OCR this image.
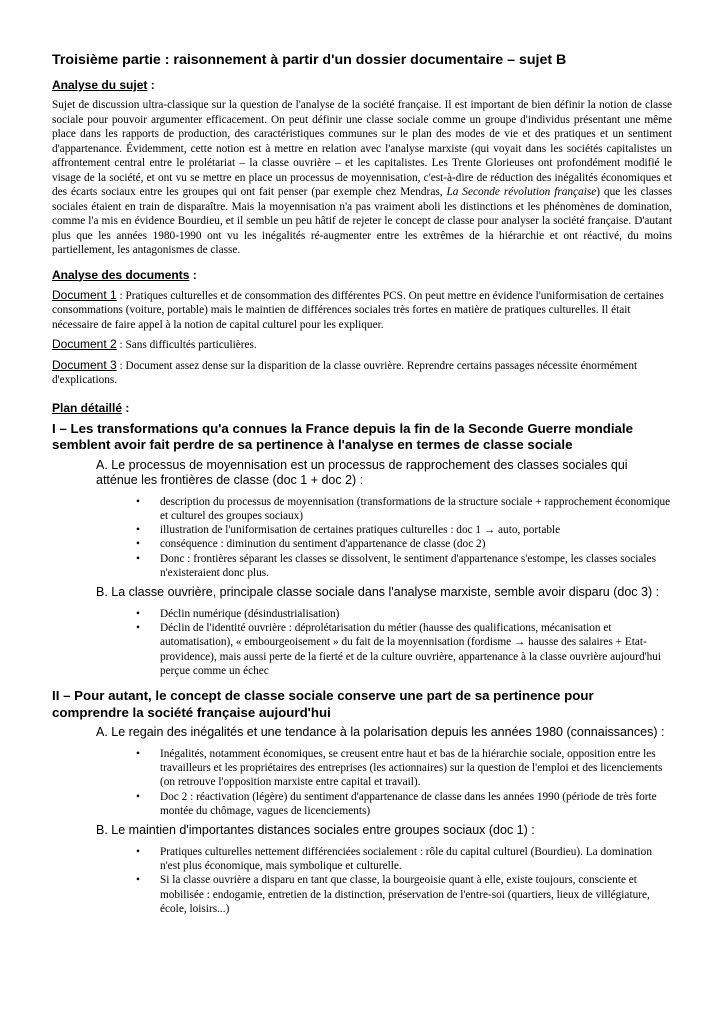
Troisième partie : raisonnement à partir d'un dossier documentaire – sujet B
Analyse du sujet :

Sujet de discussion ultra-classique sur la question de l'analyse de la société française. Il est important de bien définir la notion de classe sociale pour pouvoir argumenter efficacement. On peut définir une classe sociale comme un groupe d'individus présentant une même place dans les rapports de production, des caractéristiques communes sur le plan des modes de vie et des pratiques et un sentiment d'appartenance. Évidemment, cette notion est à mettre en relation avec l'analyse marxiste (qui voyait dans les sociétés capitalistes un affrontement central entre le prolétariat – la classe ouvrière – et les capitalistes. Les Trente Glorieuses ont profondément modifié le visage de la société, et ont vu se mettre en place un processus de moyennisation, c'est-à-dire de réduction des inégalités économiques et des écarts sociaux entre les groupes qui ont fait penser (par exemple chez Mendras, La Seconde révolution française) que les classes sociales étaient en train de disparaître. Mais la moyennisation n'a pas vraiment aboli les distinctions et les phénomènes de domination, comme l'a mis en évidence Bourdieu, et il semble un peu hâtif de rejeter le concept de classe pour analyser la société française. D'autant plus que les années 1980-1990 ont vu les inégalités ré-augmenter entre les extrêmes de la hiérarchie et ont réactivé, du moins partiellement, les antagonismes de classe.

Analyse des documents :

Document 1 : Pratiques culturelles et de consommation des différentes PCS. On peut mettre en évidence l'uniformisation de certaines consommations (voiture, portable) mais le maintien de différences sociales très fortes en matière de pratiques culturelles. Il était nécessaire de faire appel à la notion de capital culturel pour les expliquer.

Document 2 : Sans difficultés particulières.

Document 3 : Document assez dense sur la disparition de la classe ouvrière. Reprendre certains passages nécessite énormément d'explications.

Plan détaillé :
I – Les transformations qu'a connues la France depuis la fin de la Seconde Guerre mondiale semblent avoir fait perdre de sa pertinence à l'analyse en termes de classe sociale
A. Le processus de moyennisation est un processus de rapprochement des classes sociales qui atténue les frontières de classe (doc 1 + doc 2) :
• description du processus de moyennisation (transformations de la structure sociale + rapprochement économique et culturel des groupes sociaux)
• illustration de l'uniformisation de certaines pratiques culturelles : doc 1 → auto, portable
• conséquence : diminution du sentiment d'appartenance de classe (doc 2)
• Donc : frontières séparant les classes se dissolvent, le sentiment d'appartenance s'estompe, les classes sociales n'existeraient donc plus.
B. La classe ouvrière, principale classe sociale dans l'analyse marxiste, semble avoir disparu (doc 3) :
• Déclin numérique (désindustrialisation)
• Déclin de l'identité ouvrière : déprolétarisation du métier (hausse des qualifications, mécanisation et automatisation), « embourgeoisement » du fait de la moyennisation (fordisme → hausse des salaires + Etat-providence), mais aussi perte de la fierté et de la culture ouvrière, appartenance à la classe ouvrière aujourd'hui perçue comme un échec
II – Pour autant, le concept de classe sociale conserve une part de sa pertinence pour comprendre la société française aujourd'hui
A. Le regain des inégalités et une tendance à la polarisation depuis les années 1980 (connaissances) :
• Inégalités, notamment économiques, se creusent entre haut et bas de la hiérarchie sociale, opposition entre les travailleurs et les propriétaires des entreprises (les actionnaires) sur la question de l'emploi et des licenciements (on retrouve l'opposition marxiste entre capital et travail).
• Doc 2 : réactivation (légère) du sentiment d'appartenance de classe dans les années 1990 (période de très forte montée du chômage, vagues de licenciements)
B. Le maintien d'importantes distances sociales entre groupes sociaux (doc 1) :
• Pratiques culturelles nettement différenciées socialement : rôle du capital culturel (Bourdieu). La domination n'est plus économique, mais symbolique et culturelle.
• Si la classe ouvrière a disparu en tant que classe, la bourgeoisie quant à elle, existe toujours, consciente et mobilisée : endogamie, entretien de la distinction, préservation de l'entre-soi (quartiers, lieux de villégiature, école, loisirs...)
